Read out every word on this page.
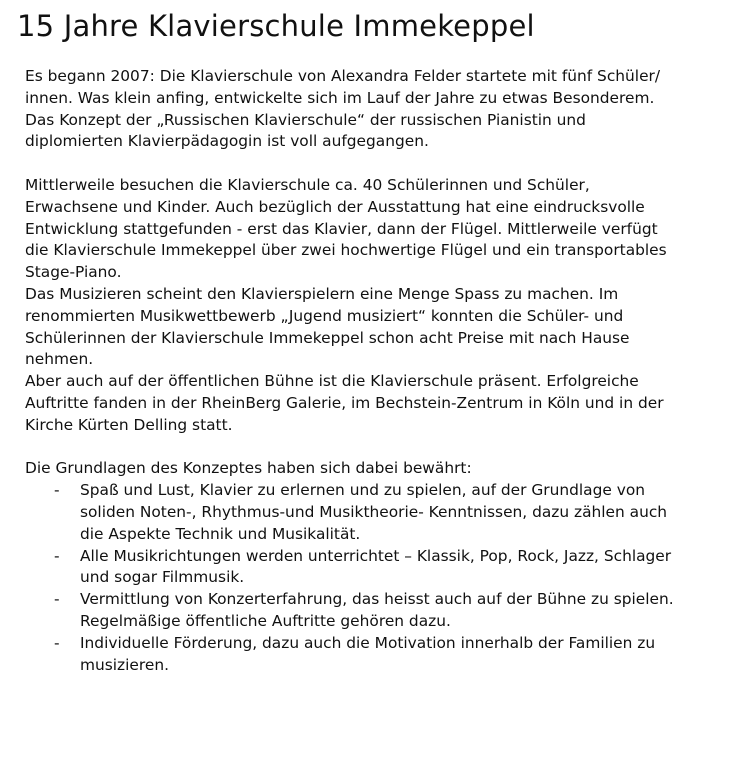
15 Jahre Klavierschule Immekeppel

Es begann 2007: Die Klavierschule von Alexandra Felder startete mit fünf Schüler/
innen. Was klein anfing, entwickelte sich im Lauf der Jahre zu etwas Besonderem.
Das Konzept der „Russischen Klavierschule“ der russischen Pianistin und
diplomierten Klavierpädagogin ist voll aufgegangen.

Mittlerweile besuchen die Klavierschule ca. 40 Schülerinnen und Schüler,
Erwachsene und Kinder. Auch bezüglich der Ausstattung hat eine eindrucksvolle
Entwicklung stattgefunden - erst das Klavier, dann der Flügel. Mittlerweile verfügt
die Klavierschule Immekeppel über zwei hochwertige Flügel und ein transportables
Stage-Piano.

Das Musizieren scheint den Klavierspielern eine Menge Spass zu machen. Im
renommierten Musikwettbewerb „Jugend musiziert“ konnten die Schüler- und
Schülerinnen der Klavierschule Immekeppel schon acht Preise mit nach Hause
nehmen.

Aber auch auf der öffentlichen Bühne ist die Klavierschule präsent. Erfolgreiche
Auftritte fanden in der RheinBerg Galerie, im Bechstein-Zentrum in Köln und in der
Kirche Kürten Delling statt.

Die Grundlagen des Konzeptes haben sich dabei bewährt:

- Spaß und Lust, Klavier zu erlernen und zu spielen, auf der Grundlage von
soliden Noten-, Rhythmus-und Musiktheorie- Kenntnissen, dazu zählen auch
die Aspekte Technik und Musikalität.
- Alle Musikrichtungen werden unterrichtet – Klassik, Pop, Rock, Jazz, Schlager
und sogar Filmmusik.
- Vermittlung von Konzerterfahrung, das heisst auch auf der Bühne zu spielen.
Regelmäßige öffentliche Auftritte gehören dazu.
- Individuelle Förderung, dazu auch die Motivation innerhalb der Familien zu
musizieren.
